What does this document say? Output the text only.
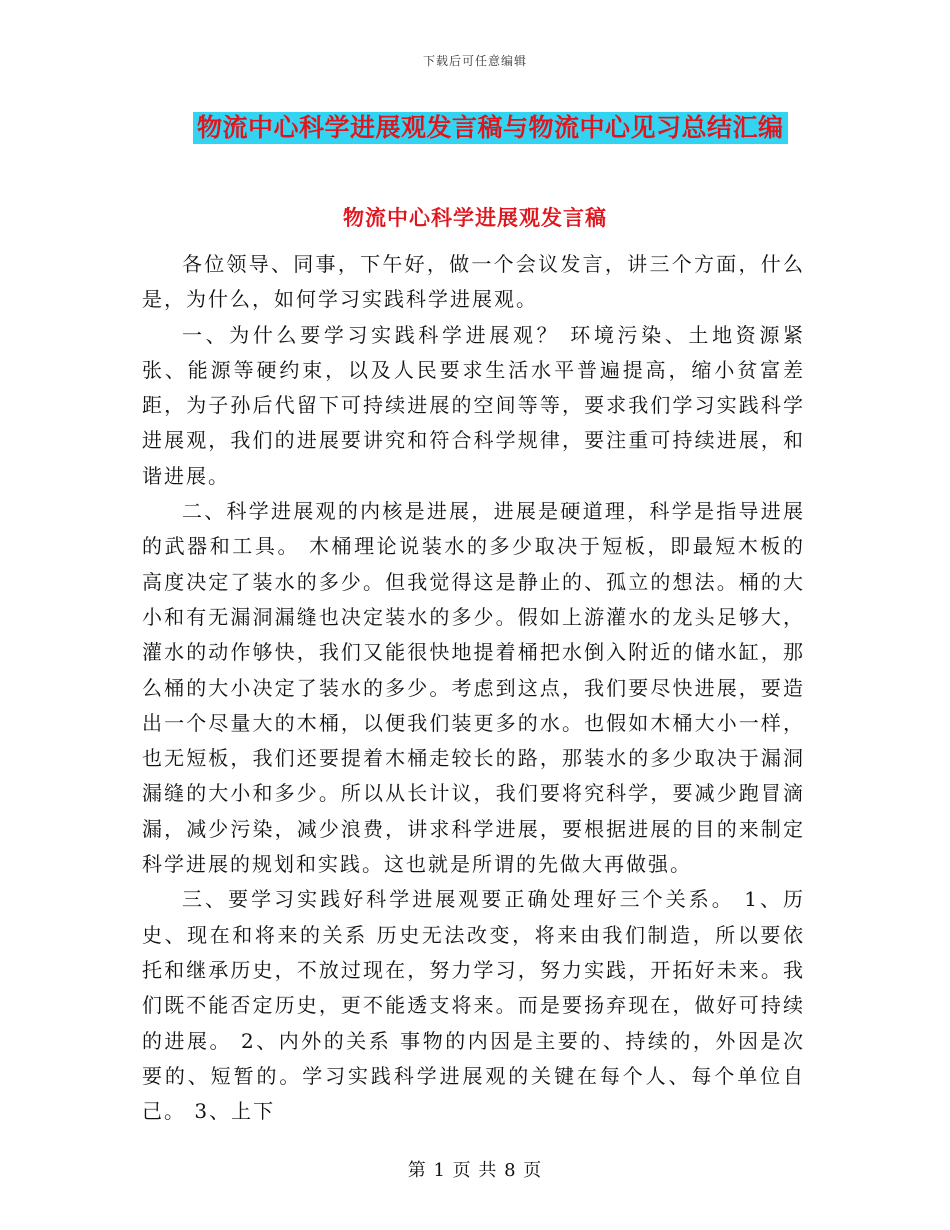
下载后可任意编辑
物流中心科学进展观发言稿与物流中心见习总结汇编
物流中心科学进展观发言稿

各位领导、同事，下午好，做一个会议发言，讲三个方面，什么是，为什么，如何学习实践科学进展观。

一、为什么要学习实践科学进展观？ 环境污染、土地资源紧张、能源等硬约束，以及人民要求生活水平普遍提高，缩小贫富差距，为子孙后代留下可持续进展的空间等等，要求我们学习实践科学进展观，我们的进展要讲究和符合科学规律，要注重可持续进展，和谐进展。

二、科学进展观的内核是进展，进展是硬道理，科学是指导进展的武器和工具。 木桶理论说装水的多少取决于短板，即最短木板的高度决定了装水的多少。但我觉得这是静止的、孤立的想法。桶的大小和有无漏洞漏缝也决定装水的多少。假如上游灌水的龙头足够大，灌水的动作够快，我们又能很快地提着桶把水倒入附近的储水缸，那么桶的大小决定了装水的多少。考虑到这点，我们要尽快进展，要造出一个尽量大的木桶，以便我们装更多的水。也假如木桶大小一样，也无短板，我们还要提着木桶走较长的路，那装水的多少取决于漏洞漏缝的大小和多少。所以从长计议，我们要将究科学，要减少跑冒滴漏，减少污染，减少浪费，讲求科学进展，要根据进展的目的来制定科学进展的规划和实践。这也就是所谓的先做大再做强。

三、要学习实践好科学进展观要正确处理好三个关系。 1、历史、现在和将来的关系 历史无法改变，将来由我们制造，所以要依托和继承历史，不放过现在，努力学习，努力实践，开拓好未来。我们既不能否定历史，更不能透支将来。而是要扬弃现在，做好可持续的进展。 2、内外的关系 事物的内因是主要的、持续的，外因是次要的、短暂的。学习实践科学进展观的关键在每个人、每个单位自己。 3、上下

第 1 页 共 8 页
